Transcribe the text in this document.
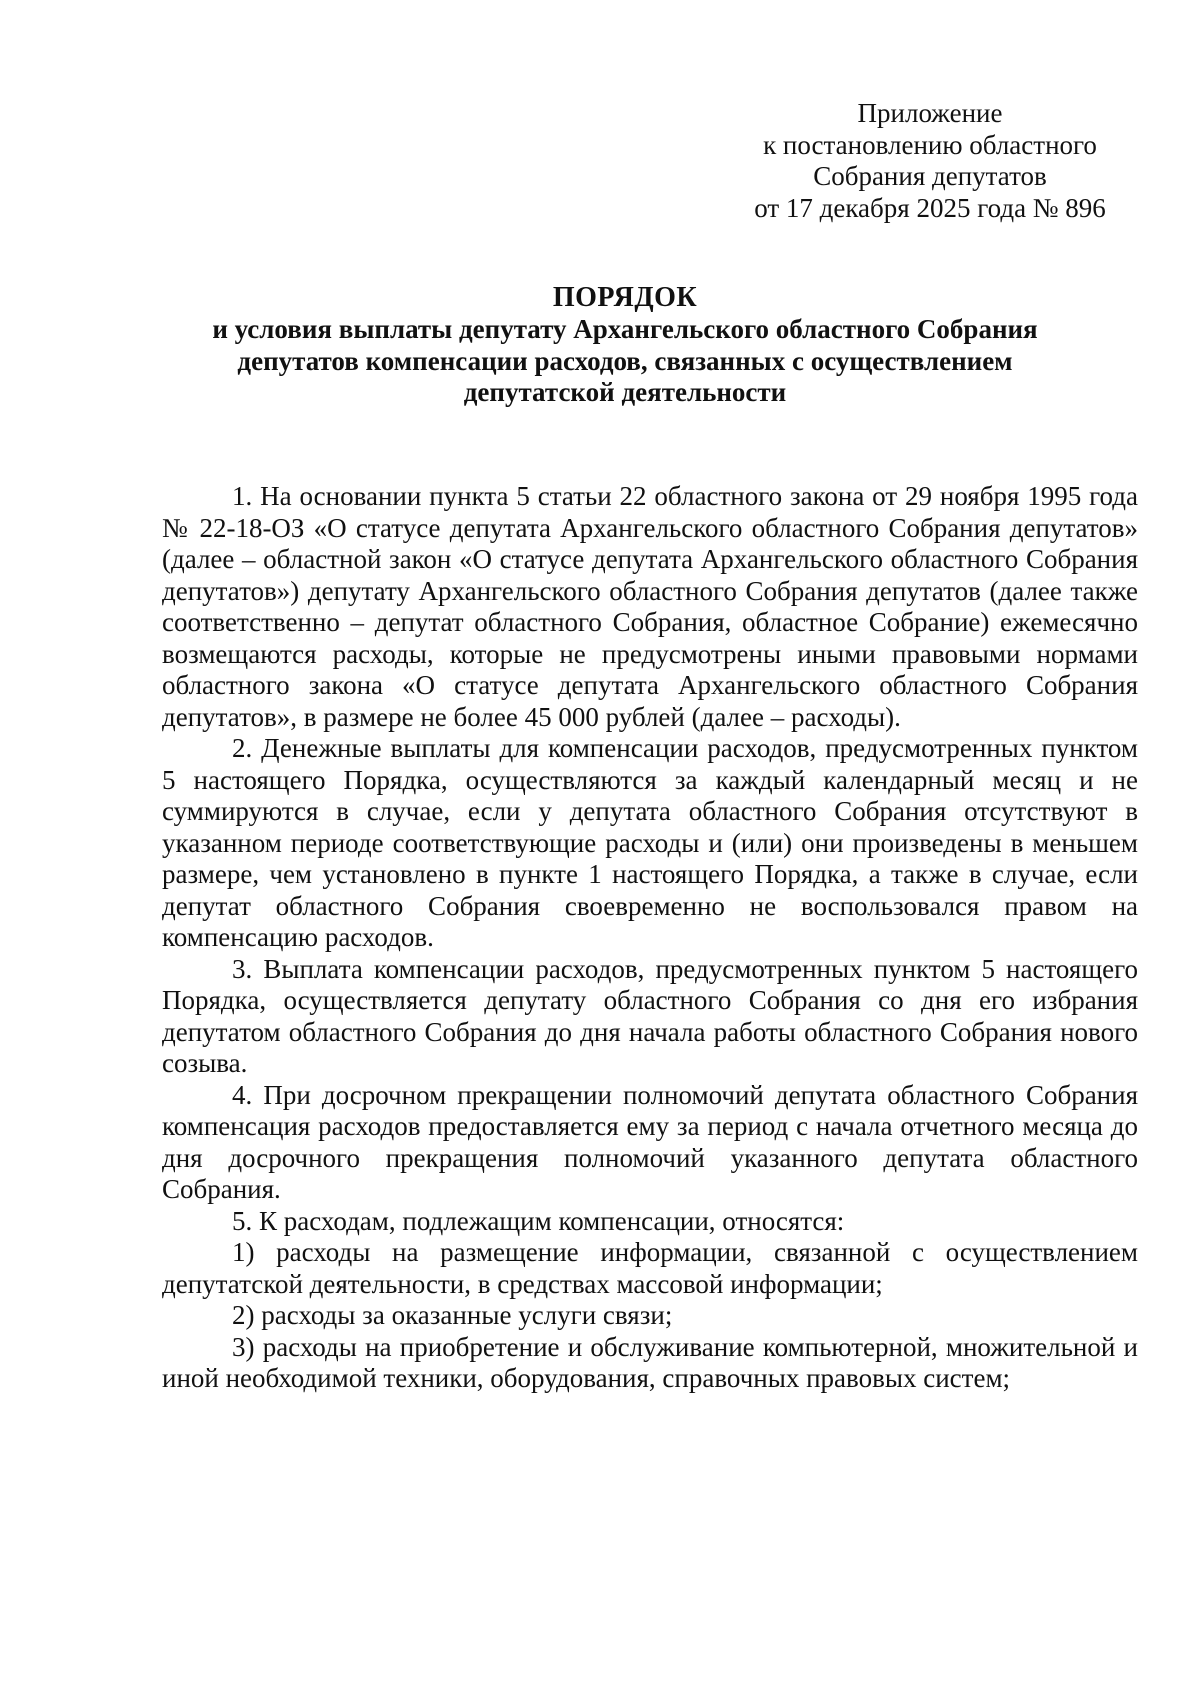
Приложение
к постановлению областного
Собрания депутатов
от 17 декабря 2025 года № 896
ПОРЯДОК
и условия выплаты депутату Архангельского областного Собрания
депутатов компенсации расходов, связанных с осуществлением
депутатской деятельности

1. На основании пункта 5 статьи 22 областного закона от 29 ноября 1995 года № 22-18-ОЗ «О статусе депутата Архангельского областного Собрания депутатов» (далее – областной закон «О статусе депутата Архангельского областного Собрания депутатов») депутату Архангельского областного Собрания депутатов (далее также соответственно – депутат областного Собрания, областное Собрание) ежемесячно возмещаются расходы, которые не предусмотрены иными правовыми нормами областного закона «О статусе депутата Архангельского областного Собрания депутатов», в размере не более 45 000 рублей (далее – расходы).

2. Денежные выплаты для компенсации расходов, предусмотренных пунктом 5 настоящего Порядка, осуществляются за каждый календарный месяц и не суммируются в случае, если у депутата областного Собрания отсутствуют в указанном периоде соответствующие расходы и (или) они произведены в меньшем размере, чем установлено в пункте 1 настоящего Порядка, а также в случае, если депутат областного Собрания своевременно не воспользовался правом на компенсацию расходов.

3. Выплата компенсации расходов, предусмотренных пунктом 5 настоящего Порядка, осуществляется депутату областного Собрания со дня его избрания депутатом областного Собрания до дня начала работы областного Собрания нового созыва.

4. При досрочном прекращении полномочий депутата областного Собрания компенсация расходов предоставляется ему за период с начала отчетного месяца до дня досрочного прекращения полномочий указанного депутата областного Собрания.

5. К расходам, подлежащим компенсации, относятся:

1) расходы на размещение информации, связанной с осуществлением депутатской деятельности, в средствах массовой информации;

2) расходы за оказанные услуги связи;

3) расходы на приобретение и обслуживание компьютерной, множительной и иной необходимой техники, оборудования, справочных правовых систем;
